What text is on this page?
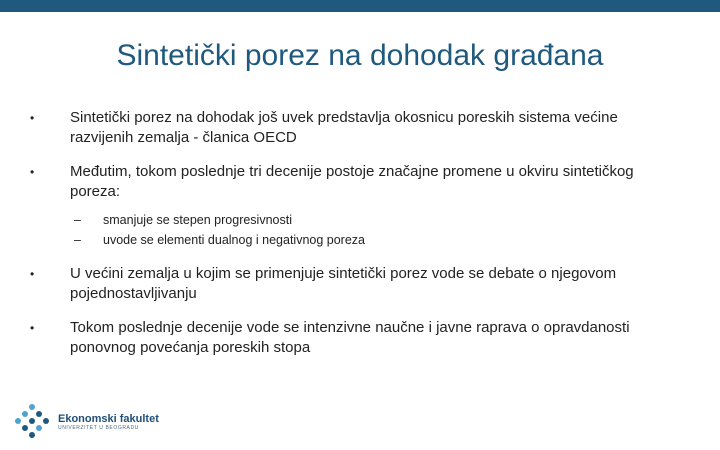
Sintetički porez na dohodak građana
•	Sintetički porez na dohodak još uvek predstavlja okosnicu poreskih sistema većine razvijenih zemalja - članica OECD
•	Međutim, tokom poslednje tri decenije postoje značajne promene u okviru sintetičkog poreza:
– smanjuje se stepen progresivnosti
– uvode se elementi dualnog i negativnog poreza
•	U većini zemalja u kojim se primenjuje sintetički porez vode se debate o njegovom pojednostavljivanju
•	Tokom poslednje decenije vode se intenzivne naučne i javne raprava o opravdanosti ponovnog povećanja poreskih stopa
Ekonomski fakultet
UNIVERZITET U BEOGRADU
